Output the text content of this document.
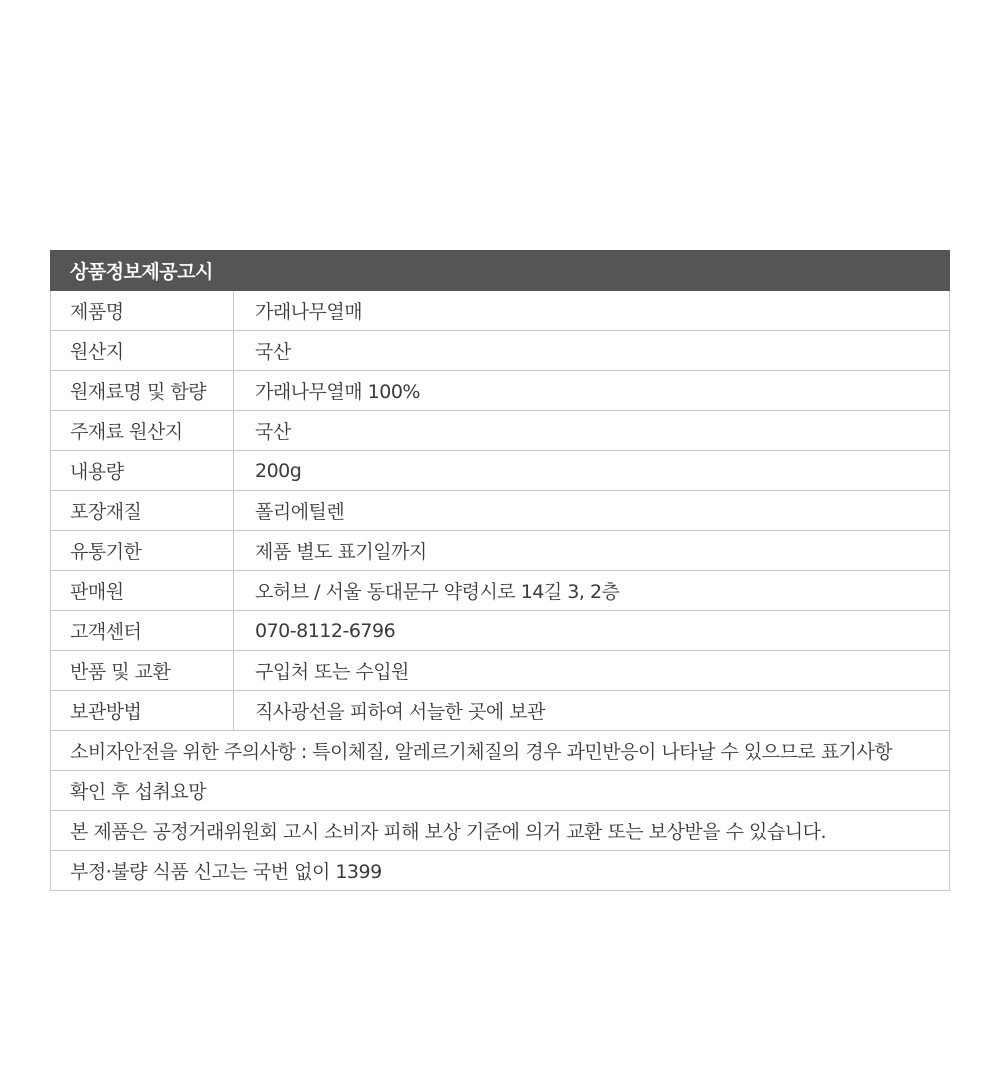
상품정보제공고시	
제품명	가래나무열매
원산지	국산
원재료명 및 함량	가래나무열매 100%
주재료 원산지	국산
내용량	200g
포장재질	폴리에틸렌
유통기한	제품 별도 표기일까지
판매원	오허브 / 서울 동대문구 약령시로 14길 3, 2층
고객센터	070-8112-6796
반품 및 교환	구입처 또는 수입원
보관방법	직사광선을 피하여 서늘한 곳에 보관
소비자안전을 위한 주의사항 : 특이체질, 알레르기체질의 경우 과민반응이 나타날 수 있으므로 표기사항	
확인 후 섭취요망	
본 제품은 공정거래위원회 고시 소비자 피해 보상 기준에 의거 교환 또는 보상받을 수 있습니다.	
부정·불량 식품 신고는 국번 없이 1399	
